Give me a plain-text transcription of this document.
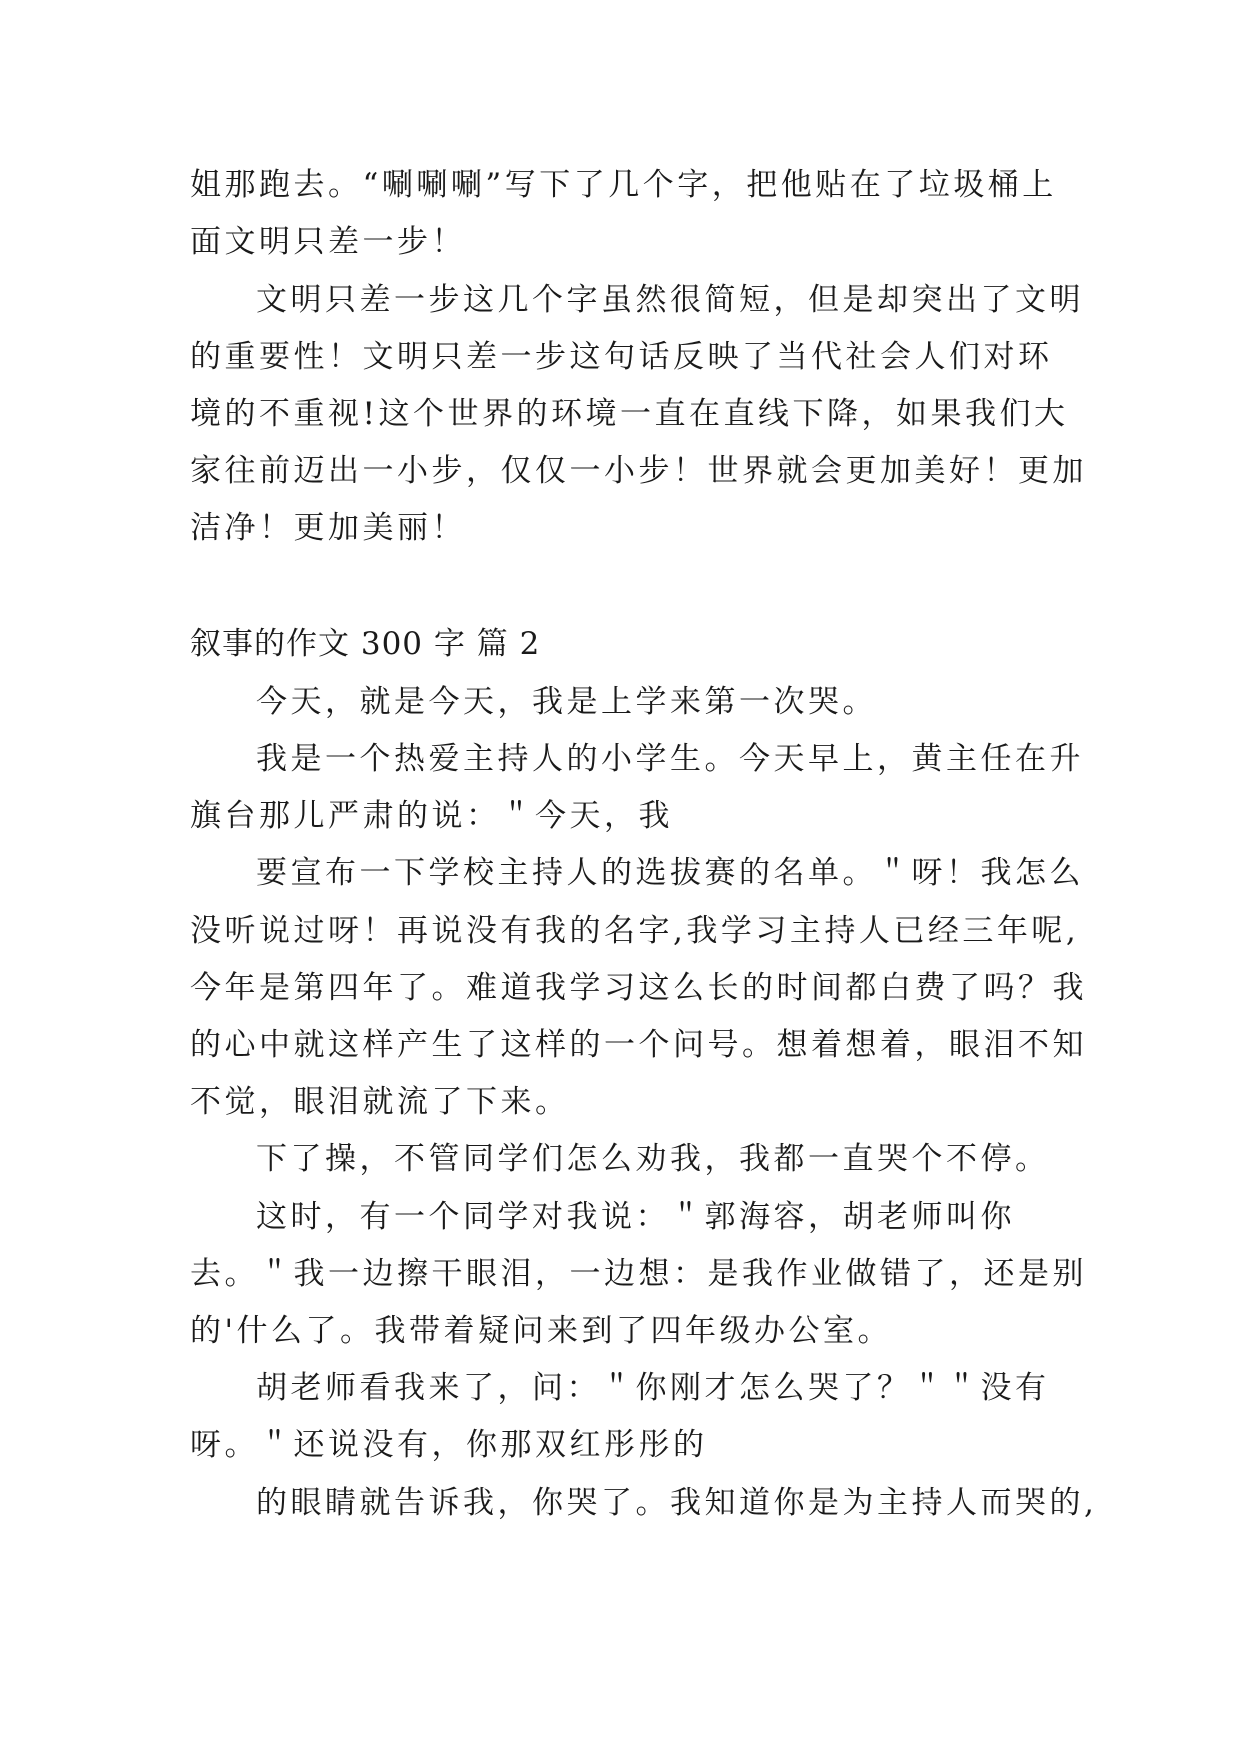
姐那跑去。“唰唰唰”写下了几个字，把他贴在了垃圾桶上
面文明只差一步！
文明只差一步这几个字虽然很简短，但是却突出了文明
的重要性！文明只差一步这句话反映了当代社会人们对环
境的不重视!这个世界的环境一直在直线下降，如果我们大
家往前迈出一小步，仅仅一小步！世界就会更加美好！更加
洁净！更加美丽！
叙事的作文 300 字 篇 2
今天，就是今天，我是上学来第一次哭。
我是一个热爱主持人的小学生。今天早上，黄主任在升
旗台那儿严肃的说：＂今天，我
要宣布一下学校主持人的选拔赛的名单。＂呀！我怎么
没听说过呀！再说没有我的名字,我学习主持人已经三年呢,
今年是第四年了。难道我学习这么长的时间都白费了吗？我
的心中就这样产生了这样的一个问号。想着想着，眼泪不知
不觉，眼泪就流了下来。
下了操，不管同学们怎么劝我，我都一直哭个不停。
这时，有一个同学对我说：＂郭海容，胡老师叫你
去。＂我一边擦干眼泪，一边想：是我作业做错了，还是别
的'什么了。我带着疑问来到了四年级办公室。
胡老师看我来了，问：＂你刚才怎么哭了？＂＂没有
呀。＂还说没有，你那双红彤彤的
的眼睛就告诉我，你哭了。我知道你是为主持人而哭的,
